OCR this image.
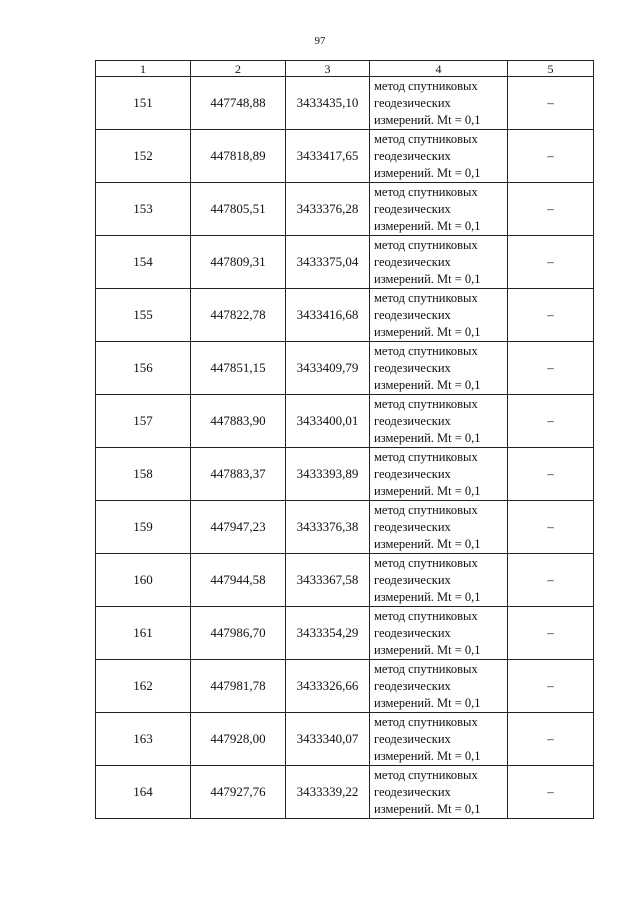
97
1	2	3	4	5
151	447748,88	3433435,10	метод спутниковых
геодезических
измерений. Mt = 0,1	–
152	447818,89	3433417,65	метод спутниковых
геодезических
измерений. Mt = 0,1	–
153	447805,51	3433376,28	метод спутниковых
геодезических
измерений. Mt = 0,1	–
154	447809,31	3433375,04	метод спутниковых
геодезических
измерений. Mt = 0,1	–
155	447822,78	3433416,68	метод спутниковых
геодезических
измерений. Mt = 0,1	–
156	447851,15	3433409,79	метод спутниковых
геодезических
измерений. Mt = 0,1	–
157	447883,90	3433400,01	метод спутниковых
геодезических
измерений. Mt = 0,1	–
158	447883,37	3433393,89	метод спутниковых
геодезических
измерений. Mt = 0,1	–
159	447947,23	3433376,38	метод спутниковых
геодезических
измерений. Mt = 0,1	–
160	447944,58	3433367,58	метод спутниковых
геодезических
измерений. Mt = 0,1	–
161	447986,70	3433354,29	метод спутниковых
геодезических
измерений. Mt = 0,1	–
162	447981,78	3433326,66	метод спутниковых
геодезических
измерений. Mt = 0,1	–
163	447928,00	3433340,07	метод спутниковых
геодезических
измерений. Mt = 0,1	–
164	447927,76	3433339,22	метод спутниковых
геодезических
измерений. Mt = 0,1	–
